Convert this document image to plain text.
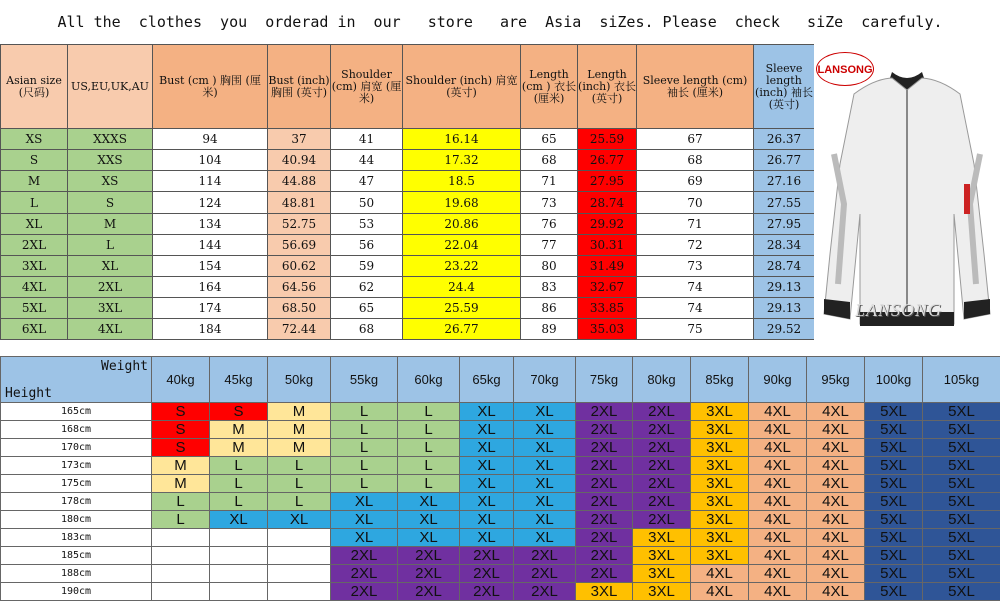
All the  clothes  you  orderad in  our   store   are  Asia  siZes. Please  check   siZe  carefuly.
Asian size (尺码)	US,EU,UK,AU	Bust (cm ) 胸围 (厘米)	Bust (inch) 胸围 (英寸)	Shoulder (cm) 肩宽 (厘米)	Shoulder (inch) 肩宽(英寸)	Length (cm ) 衣长 (厘米)	Length (inch) 衣长 (英寸)	Sleeve length (cm) 袖长 (厘米)	Sleeve length (inch) 袖长 (英寸)
XS	XXXS	94	37	41	16.14	65	25.59	67	26.37
S	XXS	104	40.94	44	17.32	68	26.77	68	26.77
M	XS	114	44.88	47	18.5	71	27.95	69	27.16
L	S	124	48.81	50	19.68	73	28.74	70	27.55
XL	M	134	52.75	53	20.86	76	29.92	71	27.95
2XL	L	144	56.69	56	22.04	77	30.31	72	28.34
3XL	XL	154	60.62	59	23.22	80	31.49	73	28.74
4XL	2XL	164	64.56	62	24.4	83	32.67	74	29.13
5XL	3XL	174	68.50	65	25.59	86	33.85	74	29.13
6XL	4XL	184	72.44	68	26.77	89	35.03	75	29.52
LANSONG
LANSONG
Weight
Height	40kg	45kg	50kg	55kg	60kg	65kg	70kg	75kg	80kg	85kg	90kg	95kg	100kg	105kg
165cm	S	S	M	L	L	XL	XL	2XL	2XL	3XL	4XL	4XL	5XL	5XL
168cm	S	M	M	L	L	XL	XL	2XL	2XL	3XL	4XL	4XL	5XL	5XL
170cm	S	M	M	L	L	XL	XL	2XL	2XL	3XL	4XL	4XL	5XL	5XL
173cm	M	L	L	L	L	XL	XL	2XL	2XL	3XL	4XL	4XL	5XL	5XL
175cm	M	L	L	L	L	XL	XL	2XL	2XL	3XL	4XL	4XL	5XL	5XL
178cm	L	L	L	XL	XL	XL	XL	2XL	2XL	3XL	4XL	4XL	5XL	5XL
180cm	L	XL	XL	XL	XL	XL	XL	2XL	2XL	3XL	4XL	4XL	5XL	5XL
183cm				XL	XL	XL	XL	2XL	3XL	3XL	4XL	4XL	5XL	5XL
185cm				2XL	2XL	2XL	2XL	2XL	3XL	3XL	4XL	4XL	5XL	5XL
188cm				2XL	2XL	2XL	2XL	2XL	3XL	4XL	4XL	4XL	5XL	5XL
190cm				2XL	2XL	2XL	2XL	3XL	3XL	4XL	4XL	4XL	5XL	5XL
